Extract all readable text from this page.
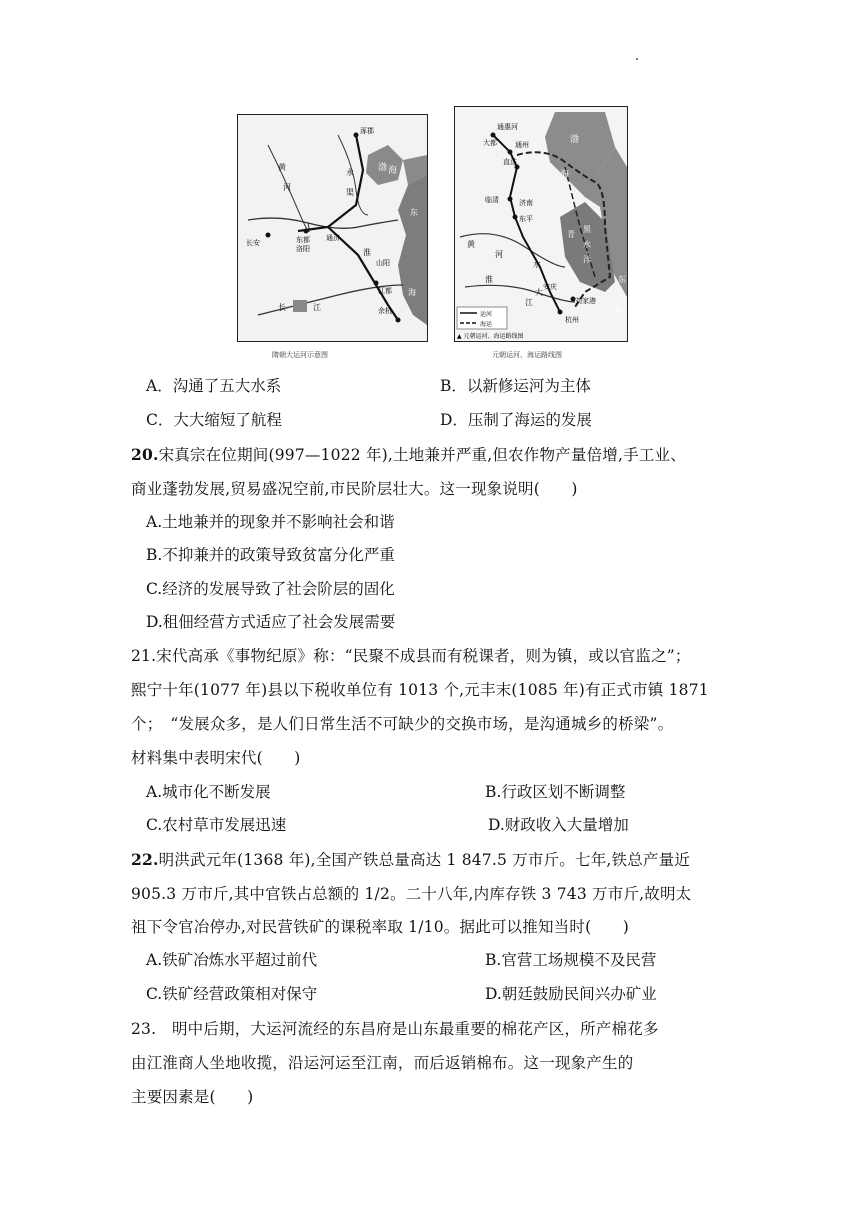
涿郡
渤 海
永
渠
河
黄
东
长安	东都
洛阳
通济
淮
山阳
江
长
海
余杭
江都
隋朝大运河示意图
通惠河
大都	通州
直沽
渤
海
临清	济南
东平
黄
河
黑
水
洋
青
淮
水
江
大
安庆
刘家港
杭州
东
海
运河
海运
▲ 元朝运河、海运路线图
元朝运河、海运路线图
A．沟通了五大水系	B．以新修运河为主体
C．大大缩短了航程	D．压制了海运的发展
20.宋真宗在位期间(997—1022 年),土地兼并严重,但农作物产量倍增,手工业、
商业蓬勃发展,贸易盛况空前,市民阶层壮大。这一现象说明(　　)
A.土地兼并的现象并不影响社会和谐
B.不抑兼并的政策导致贫富分化严重
C.经济的发展导致了社会阶层的固化
D.租佃经营方式适应了社会发展需要
21.宋代高承《事物纪原》称：“民聚不成县而有税课者，则为镇，或以官监之”；
熙宁十年(1077 年)县以下税收单位有 1013 个,元丰末(1085 年)有正式市镇 1871
个；　“发展众多，是人们日常生活不可缺少的交换市场，是沟通城乡的桥梁”。
材料集中表明宋代(　　)
A.城市化不断发展	B.行政区划不断调整
C.农村草市发展迅速	D.财政收入大量增加
22.明洪武元年(1368 年),全国产铁总量高达 1 847.5 万市斤。七年,铁总产量近
905.3 万市斤,其中官铁占总额的 1/2。二十八年,内库存铁 3 743 万市斤,故明太
祖下令官冶停办,对民营铁矿的课税率取 1/10。据此可以推知当时(　　)
A.铁矿冶炼水平超过前代	B.官营工场规模不及民营
C.铁矿经营政策相对保守	D.朝廷鼓励民间兴办矿业
23.　明中后期，大运河流经的东昌府是山东最重要的棉花产区，所产棉花多
由江淮商人坐地收揽，沿运河运至江南，而后返销棉布。这一现象产生的
主要因素是(　　)
